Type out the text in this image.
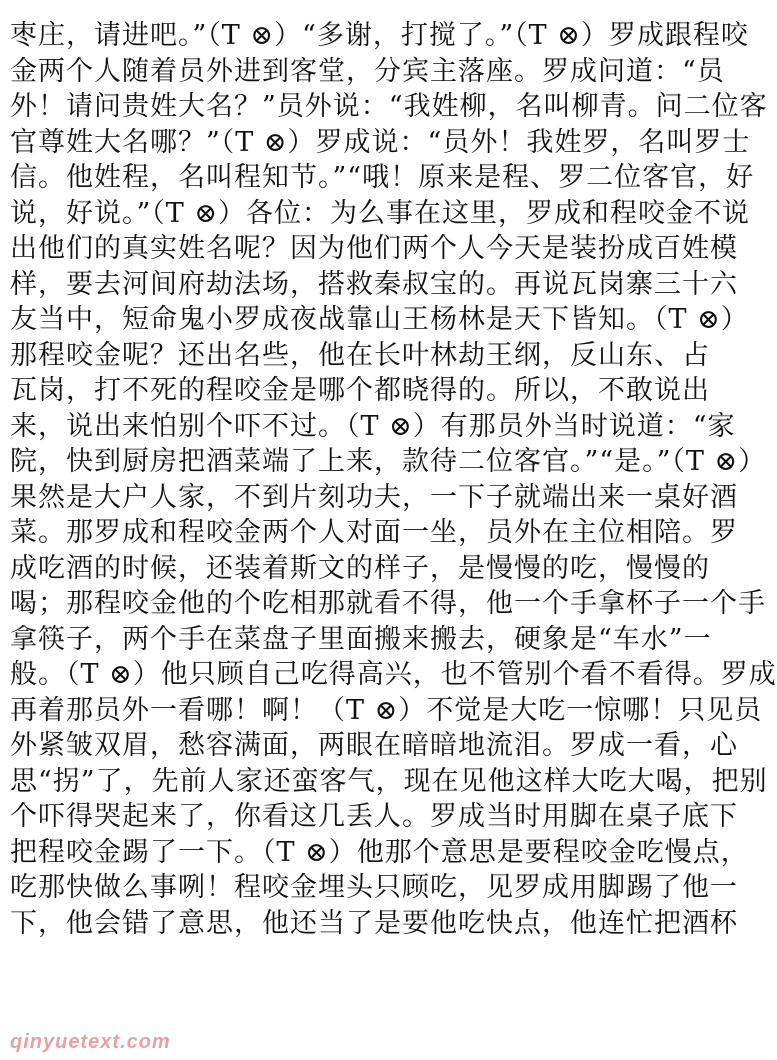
枣庄，请进吧。”（T ⊗）“多谢，打搅了。”（T ⊗）罗成跟程咬
金两个人随着员外进到客堂，分宾主落座。罗成问道：“员
外！请问贵姓大名？”员外说：“我姓柳，名叫柳青。问二位客
官尊姓大名哪？”（T ⊗）罗成说：“员外！我姓罗，名叫罗士
信。他姓程，名叫程知节。”“哦！原来是程、罗二位客官，好
说，好说。”（T ⊗）各位：为么事在这里，罗成和程咬金不说
出他们的真实姓名呢？因为他们两个人今天是装扮成百姓模
样，要去河间府劫法场，搭救秦叔宝的。再说瓦岗寨三十六
友当中，短命鬼小罗成夜战靠山王杨林是天下皆知。（T ⊗）
那程咬金呢？还出名些，他在长叶林劫王纲，反山东、占
瓦岗，打不死的程咬金是哪个都晓得的。所以，不敢说出
来，说出来怕别个吓不过。（T ⊗）有那员外当时说道：“家
院，快到厨房把酒菜端了上来，款待二位客官。”“是。”（T ⊗）
果然是大户人家，不到片刻功夫，一下子就端出来一桌好酒
菜。那罗成和程咬金两个人对面一坐，员外在主位相陪。罗
成吃酒的时候，还装着斯文的样子，是慢慢的吃，慢慢的
喝；那程咬金他的个吃相那就看不得，他一个手拿杯子一个手
拿筷子，两个手在菜盘子里面搬来搬去，硬象是“车水”一
般。（T ⊗）他只顾自己吃得高兴，也不管别个看不看得。罗成
再着那员外一看哪！啊！（T ⊗）不觉是大吃一惊哪！只见员
外紧皱双眉，愁容满面，两眼在暗暗地流泪。罗成一看，心
思“拐”了，先前人家还蛮客气，现在见他这样大吃大喝，把别
个吓得哭起来了，你看这几丢人。罗成当时用脚在桌子底下
把程咬金踢了一下。（T ⊗）他那个意思是要程咬金吃慢点，
吃那快做么事咧！程咬金埋头只顾吃，见罗成用脚踢了他一
下，他会错了意思，他还当了是要他吃快点，他连忙把酒杯
qinyuetext.com
